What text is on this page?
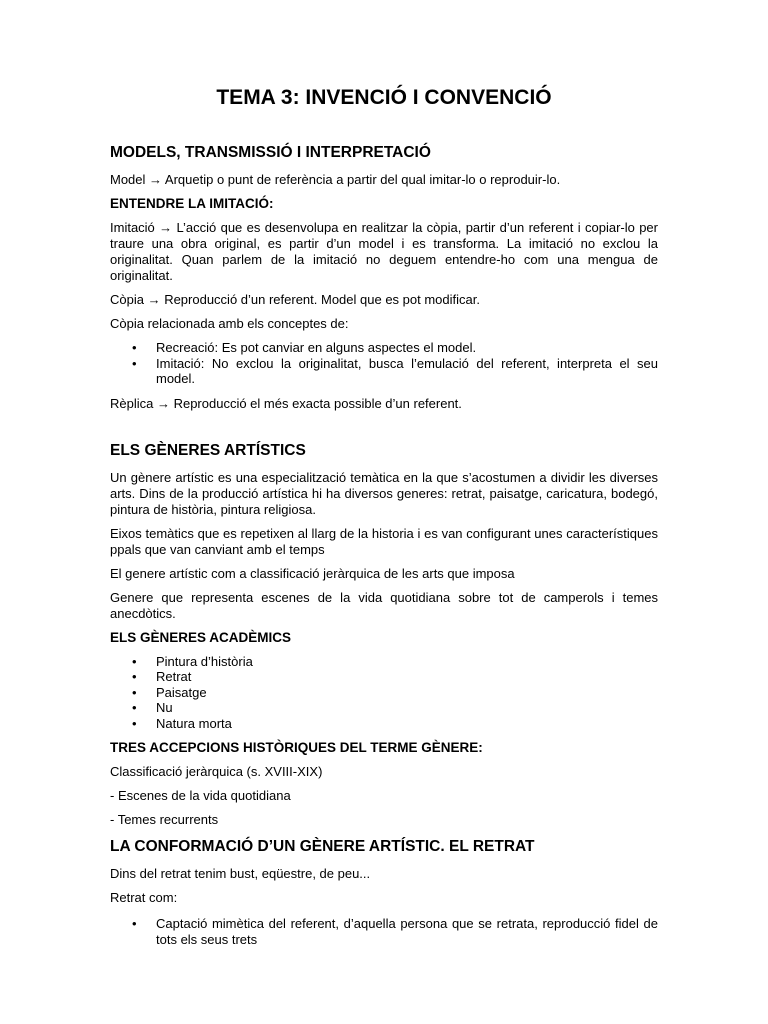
TEMA 3: INVENCIÓ I CONVENCIÓ
MODELS, TRANSMISSIÓ I INTERPRETACIÓ

Model → Arquetip o punt de referència a partir del qual imitar-lo o reproduir-lo.

ENTENDRE LA IMITACIÓ:

Imitació → L’acció que es desenvolupa en realitzar la còpia, partir d’un referent i copiar-lo per traure una obra original, es partir d’un model i es transforma. La imitació no exclou la originalitat. Quan parlem de la imitació no deguem entendre-ho com una mengua de originalitat.

Còpia → Reproducció d’un referent. Model que es pot modificar.

Còpia relacionada amb els conceptes de:

• Recreació: Es pot canviar en alguns aspectes el model.
• Imitació: No exclou la originalitat, busca l’emulació del referent, interpreta el seu model.

Rèplica → Reproducció el més exacta possible d’un referent.

ELS GÈNERES ARTÍSTICS

Un gènere artístic es una especialització temàtica en la que s’acostumen a dividir les diverses arts. Dins de la producció artística hi ha diversos generes: retrat, paisatge, caricatura, bodegó, pintura de història, pintura religiosa.

Eixos temàtics que es repetixen al llarg de la historia i es van configurant unes característiques ppals que van canviant amb el temps

El genere artístic com a classificació jeràrquica de les arts que imposa

Genere que representa escenes de la vida quotidiana sobre tot de camperols i temes anecdòtics.

ELS GÈNERES ACADÈMICS
• Pintura d’història
• Retrat
• Paisatge
• Nu
• Natura morta
TRES ACCEPCIONS HISTÒRIQUES DEL TERME GÈNERE:

Classificació jeràrquica (s. XVIII-XIX)

- Escenes de la vida quotidiana

- Temes recurrents

LA CONFORMACIÓ D’UN GÈNERE ARTÍSTIC. EL RETRAT

Dins del retrat tenim bust, eqüestre, de peu...

Retrat com:

• Captació mimètica del referent, d’aquella persona que se retrata, reproducció fidel de tots els seus trets
